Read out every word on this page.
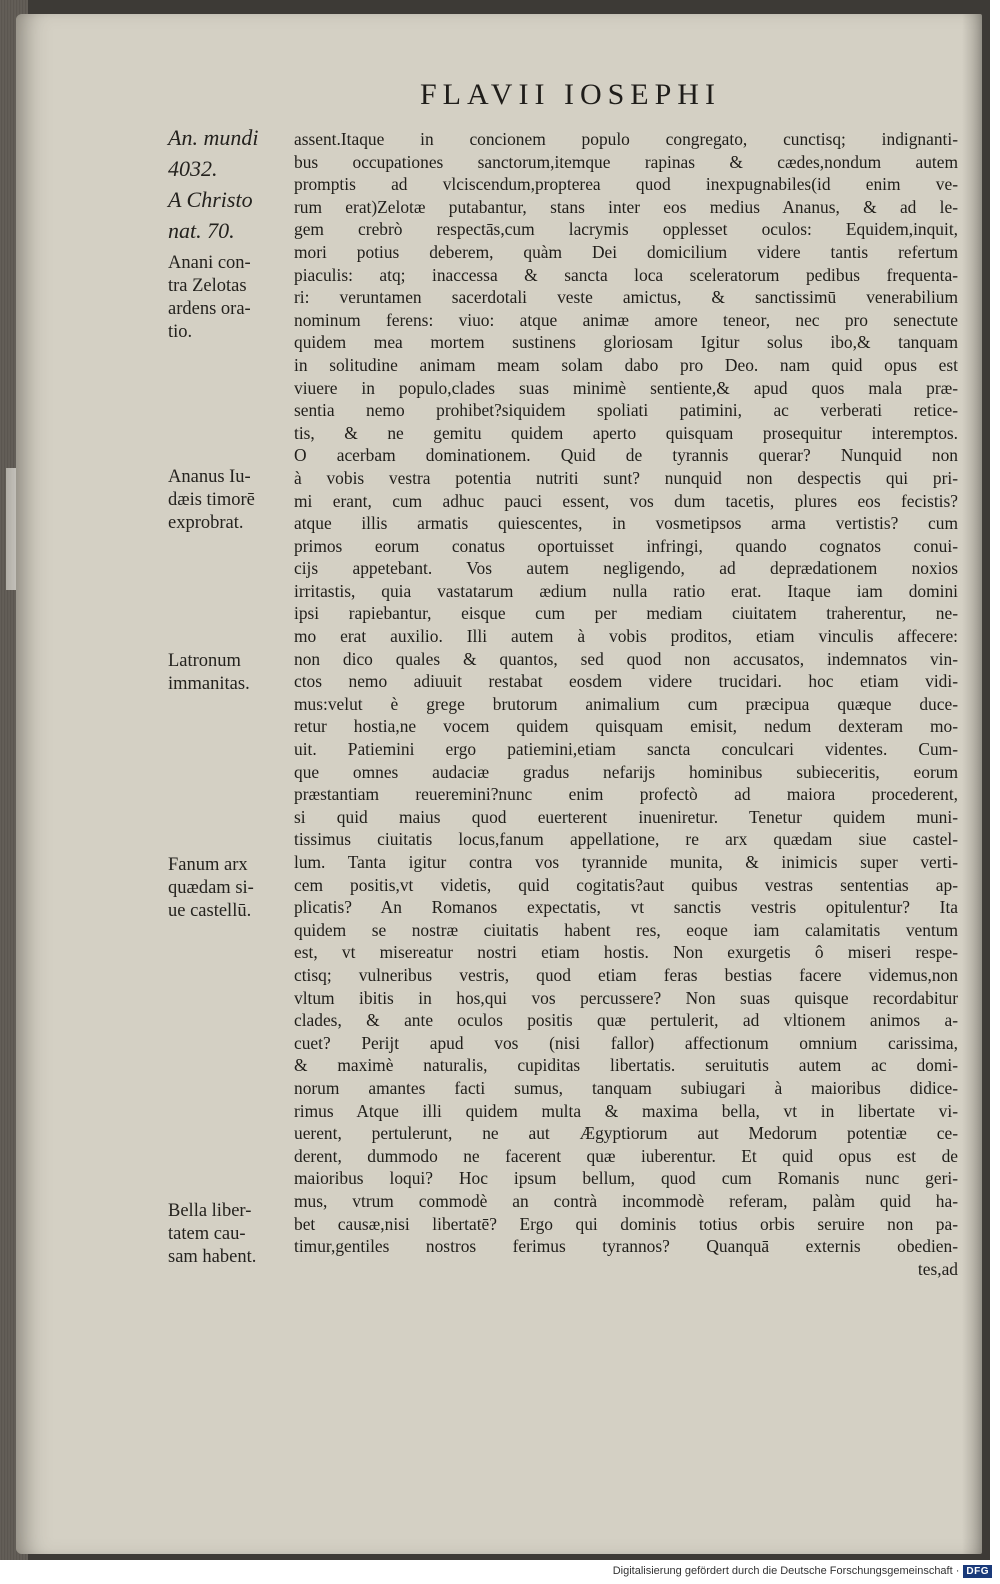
FLAVII IOSEPHI
An. mundi
4032.
A Christo
nat. 70.
Anani con-
tra Zelotas
ardens ora-
tio.
Ananus Iu-
dæis timorē
exprobrat.
Latronum
immanitas.
Fanum arx
quædam si-
ue castellū.
Bella liber-
tatem cau-
sam habent.
assent.Itaque in concionem populo congregato, cunctisq; indignanti-
bus occupationes sanctorum,itemque rapinas & cædes,nondum autem
promptis ad vlciscendum,propterea quod inexpugnabiles(id enim ve-
rum erat)Zelotæ putabantur, stans inter eos medius Ananus, & ad le-
gem crebrò respectās,cum lacrymis opplesset oculos: Equidem,inquit,
mori potius deberem, quàm Dei domicilium videre tantis refertum
piaculis: atq; inaccessa & sancta loca sceleratorum pedibus frequenta-
ri: veruntamen sacerdotali veste amictus, & sanctissimū venerabilium
nominum ferens: viuo: atque animæ amore teneor, nec pro senectute
quidem mea mortem sustinens gloriosam Igitur solus ibo,& tanquam
in solitudine animam meam solam dabo pro Deo. nam quid opus est
viuere in populo,clades suas minimè sentiente,& apud quos mala præ-
sentia nemo prohibet?siquidem spoliati patimini, ac verberati retice-
tis, & ne gemitu quidem aperto quisquam prosequitur interemptos.
O acerbam dominationem. Quid de tyrannis querar? Nunquid non
à vobis vestra potentia nutriti sunt? nunquid non despectis qui pri-
mi erant, cum adhuc pauci essent, vos dum tacetis, plures eos fecistis?
atque illis armatis quiescentes, in vosmetipsos arma vertistis? cum
primos eorum conatus oportuisset infringi, quando cognatos conui-
cijs appetebant. Vos autem negligendo, ad deprædationem noxios
irritastis, quia vastatarum ædium nulla ratio erat. Itaque iam domini
ipsi rapiebantur, eisque cum per mediam ciuitatem traherentur, ne-
mo erat auxilio. Illi autem à vobis proditos, etiam vinculis affecere:
non dico quales & quantos, sed quod non accusatos, indemnatos vin-
ctos nemo adiuuit restabat eosdem videre trucidari. hoc etiam vidi-
mus:velut è grege brutorum animalium cum præcipua quæque duce-
retur hostia,ne vocem quidem quisquam emisit, nedum dexteram mo-
uit. Patiemini ergo patiemini,etiam sancta conculcari videntes. Cum-
que omnes audaciæ gradus nefarijs hominibus subieceritis, eorum
præstantiam reueremini?nunc enim profectò ad maiora procederent,
si quid maius quod euerterent inueniretur. Tenetur quidem muni-
tissimus ciuitatis locus,fanum appellatione, re arx quædam siue castel-
lum. Tanta igitur contra vos tyrannide munita, & inimicis super verti-
cem positis,vt videtis, quid cogitatis?aut quibus vestras sententias ap-
plicatis? An Romanos expectatis, vt sanctis vestris opitulentur? Ita
quidem se nostræ ciuitatis habent res, eoque iam calamitatis ventum
est, vt misereatur nostri etiam hostis. Non exurgetis ô miseri respe-
ctisq; vulneribus vestris, quod etiam feras bestias facere videmus,non
vltum ibitis in hos,qui vos percussere? Non suas quisque recordabitur
clades, & ante oculos positis quæ pertulerit, ad vltionem animos a-
cuet? Perijt apud vos (nisi fallor) affectionum omnium carissima,
& maximè naturalis, cupiditas libertatis. seruitutis autem ac domi-
norum amantes facti sumus, tanquam subiugari à maioribus didice-
rimus Atque illi quidem multa & maxima bella, vt in libertate vi-
uerent, pertulerunt, ne aut Ægyptiorum aut Medorum potentiæ ce-
derent, dummodo ne facerent quæ iuberentur. Et quid opus est de
maioribus loqui? Hoc ipsum bellum, quod cum Romanis nunc geri-
mus, vtrum commodè an contrà incommodè referam, palàm quid ha-
bet causæ,nisi libertatē? Ergo qui dominis totius orbis seruire non pa-
timur,gentiles nostros ferimus tyrannos? Quanquā externis obedien-
tes,ad
Digitalisierung gefördert durch die Deutsche Forschungsgemeinschaft · DFG
